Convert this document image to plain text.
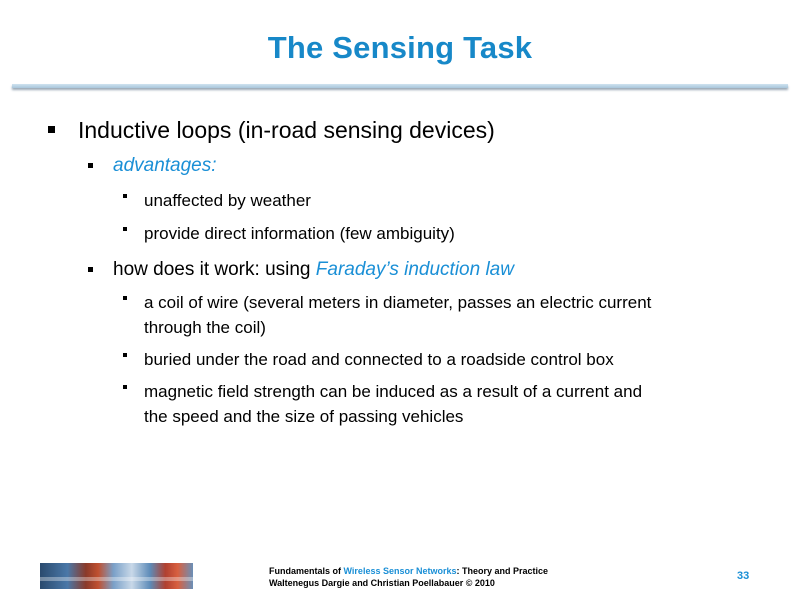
The Sensing Task
Inductive loops (in-road sensing devices)
advantages:
unaffected by weather
provide direct information (few ambiguity)
how does it work: using Faraday’s induction law
a coil of wire (several meters in diameter, passes an electric current
through the coil)
buried under the road and connected to a roadside control box
magnetic field strength can be induced as a result of a current and
the speed and the size of passing vehicles
Fundamentals of Wireless Sensor Networks: Theory and Practice
Waltenegus Dargie and Christian Poellabauer © 2010
33
